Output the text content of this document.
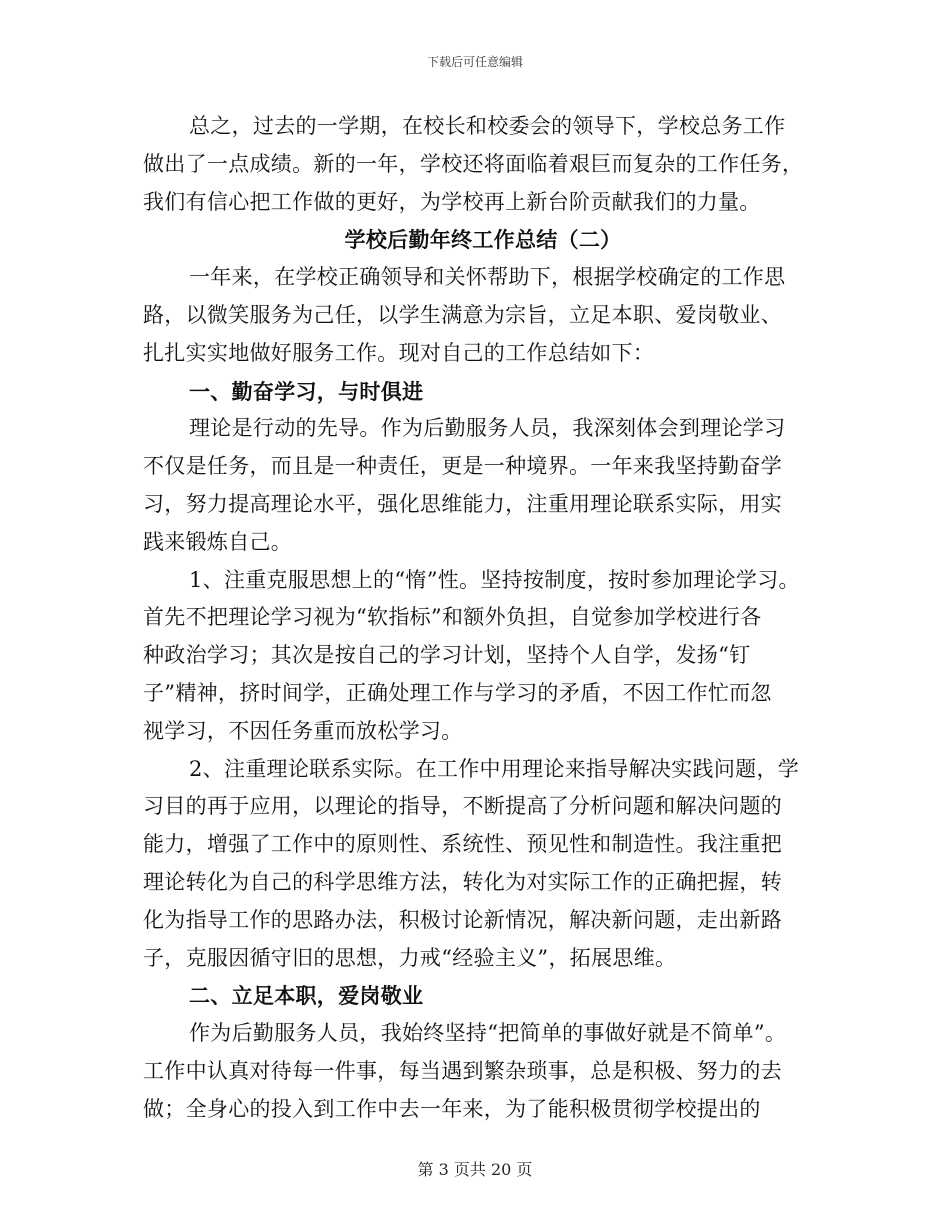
下载后可任意编辑
总之，过去的一学期，在校长和校委会的领导下，学校总务工作
做出了一点成绩。新的一年，学校还将面临着艰巨而复杂的工作任务，
我们有信心把工作做的更好，为学校再上新台阶贡献我们的力量。
学校后勤年终工作总结（二）
一年来，在学校正确领导和关怀帮助下，根据学校确定的工作思
路，以微笑服务为己任，以学生满意为宗旨，立足本职、爱岗敬业、
扎扎实实地做好服务工作。现对自己的工作总结如下：
一、勤奋学习，与时俱进
理论是行动的先导。作为后勤服务人员，我深刻体会到理论学习
不仅是任务，而且是一种责任，更是一种境界。一年来我坚持勤奋学
习，努力提高理论水平，强化思维能力，注重用理论联系实际，用实
践来锻炼自己。
1、注重克服思想上的“惰”性。坚持按制度，按时参加理论学习。
首先不把理论学习视为“软指标”和额外负担，自觉参加学校进行各
种政治学习；其次是按自己的学习计划，坚持个人自学，发扬“钉
子”精神，挤时间学，正确处理工作与学习的矛盾，不因工作忙而忽
视学习，不因任务重而放松学习。
2、注重理论联系实际。在工作中用理论来指导解决实践问题，学
习目的再于应用，以理论的指导，不断提高了分析问题和解决问题的
能力，增强了工作中的原则性、系统性、预见性和制造性。我注重把
理论转化为自己的科学思维方法，转化为对实际工作的正确把握，转
化为指导工作的思路办法，积极讨论新情况，解决新问题，走出新路
子，克服因循守旧的思想，力戒“经验主义”，拓展思维。
二、立足本职，爱岗敬业
作为后勤服务人员，我始终坚持“把简单的事做好就是不简单”。
工作中认真对待每一件事，每当遇到繁杂琐事，总是积极、努力的去
做；全身心的投入到工作中去一年来，为了能积极贯彻学校提出的
第 3 页共 20 页
